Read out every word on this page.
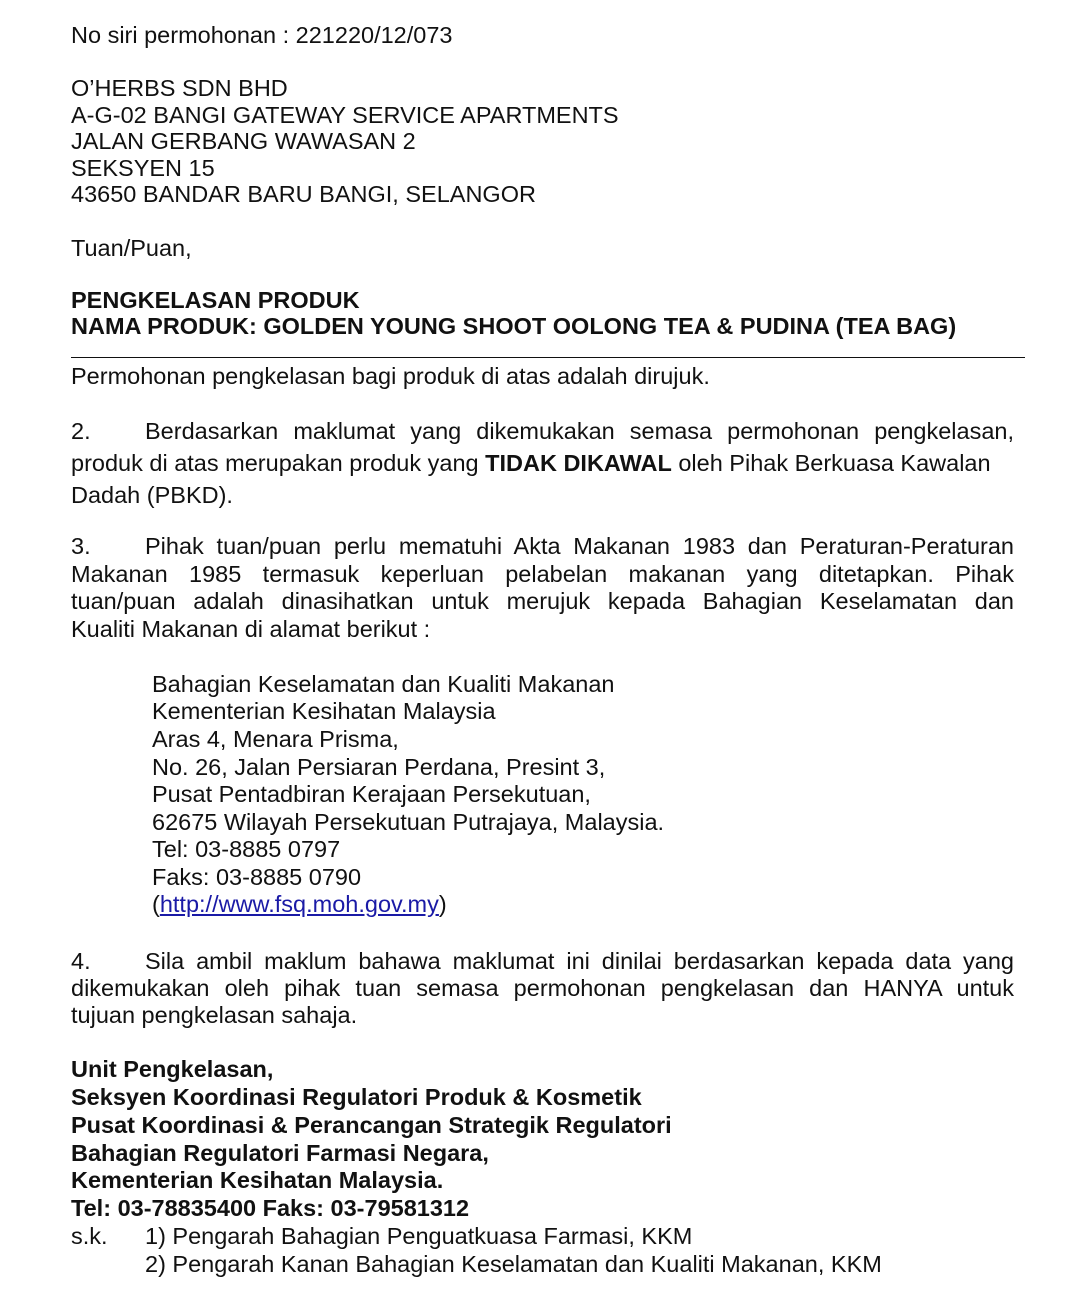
No siri permohonan : 221220/12/073
O’HERBS SDN BHD
A-G-02 BANGI GATEWAY SERVICE APARTMENTS
JALAN GERBANG WAWASAN 2
SEKSYEN 15
43650 BANDAR BARU BANGI, SELANGOR
Tuan/Puan,
PENGKELASAN PRODUK
NAMA PRODUK: GOLDEN YOUNG SHOOT OOLONG TEA & PUDINA (TEA BAG)
Permohonan pengkelasan bagi produk di atas adalah dirujuk.
2. Berdasarkan maklumat yang dikemukakan semasa permohonan pengkelasan,
produk di atas merupakan produk yang TIDAK DIKAWAL oleh Pihak Berkuasa Kawalan
Dadah (PBKD).
3. Pihak tuan/puan perlu mematuhi Akta Makanan 1983 dan Peraturan-Peraturan
Makanan 1985 termasuk keperluan pelabelan makanan yang ditetapkan. Pihak
tuan/puan adalah dinasihatkan untuk merujuk kepada Bahagian Keselamatan dan
Kualiti Makanan di alamat berikut :
Bahagian Keselamatan dan Kualiti Makanan
Kementerian Kesihatan Malaysia
Aras 4, Menara Prisma,
No. 26, Jalan Persiaran Perdana, Presint 3,
Pusat Pentadbiran Kerajaan Persekutuan,
62675 Wilayah Persekutuan Putrajaya, Malaysia.
Tel: 03-8885 0797
Faks: 03-8885 0790
(http://www.fsq.moh.gov.my)
4. Sila ambil maklum bahawa maklumat ini dinilai berdasarkan kepada data yang
dikemukakan oleh pihak tuan semasa permohonan pengkelasan dan HANYA untuk
tujuan pengkelasan sahaja.
Unit Pengkelasan,
Seksyen Koordinasi Regulatori Produk & Kosmetik
Pusat Koordinasi & Perancangan Strategik Regulatori
Bahagian Regulatori Farmasi Negara,
Kementerian Kesihatan Malaysia.
Tel: 03-78835400 Faks: 03-79581312
s.k. 1) Pengarah Bahagian Penguatkuasa Farmasi, KKM
2) Pengarah Kanan Bahagian Keselamatan dan Kualiti Makanan, KKM
